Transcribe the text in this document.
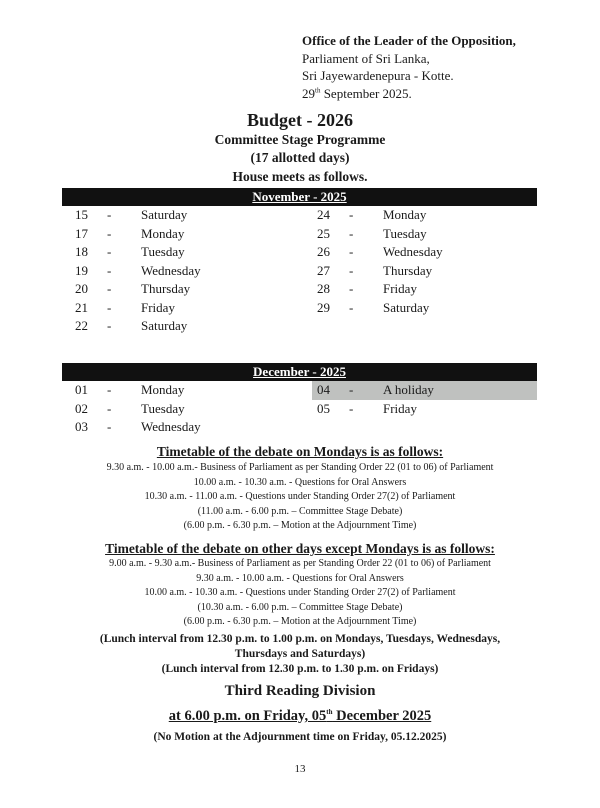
Office of the Leader of the Opposition,
Parliament of Sri Lanka,
Sri Jayewardenepura - Kotte.
29th September 2025.
Budget - 2026
Committee Stage Programme
(17 allotted days)
House meets as follows.
November - 2025
15 - Saturday
17 - Monday
18 - Tuesday
19 - Wednesday
20 - Thursday
21 - Friday
22 - Saturday
24 - Monday
25 - Tuesday
26 - Wednesday
27 - Thursday
28 - Friday
29 - Saturday
December - 2025
01 - Monday
02 - Tuesday
03 - Wednesday
04 - A holiday
05 - Friday
Timetable of the debate on Mondays is as follows:
9.30 a.m. - 10.00 a.m.- Business of Parliament as per Standing Order 22 (01 to 06) of Parliament
10.00 a.m. - 10.30 a.m. - Questions for Oral Answers
10.30 a.m. - 11.00 a.m. - Questions under Standing Order 27(2) of Parliament
(11.00 a.m. - 6.00 p.m. – Committee Stage Debate)
(6.00 p.m. - 6.30 p.m. – Motion at the Adjournment Time)
Timetable of the debate on other days except Mondays is as follows:
9.00 a.m. - 9.30 a.m.- Business of Parliament as per Standing Order 22 (01 to 06) of Parliament
9.30 a.m. - 10.00 a.m. - Questions for Oral Answers
10.00 a.m. - 10.30 a.m. - Questions under Standing Order 27(2) of Parliament
(10.30 a.m. - 6.00 p.m. – Committee Stage Debate)
(6.00 p.m. - 6.30 p.m. – Motion at the Adjournment Time)
(Lunch interval from 12.30 p.m. to 1.00 p.m. on Mondays, Tuesdays, Wednesdays,
Thursdays and Saturdays)
(Lunch interval from 12.30 p.m. to 1.30 p.m. on Fridays)
Third Reading Division
at 6.00 p.m. on Friday, 05th December 2025
(No Motion at the Adjournment time on Friday, 05.12.2025)
13
